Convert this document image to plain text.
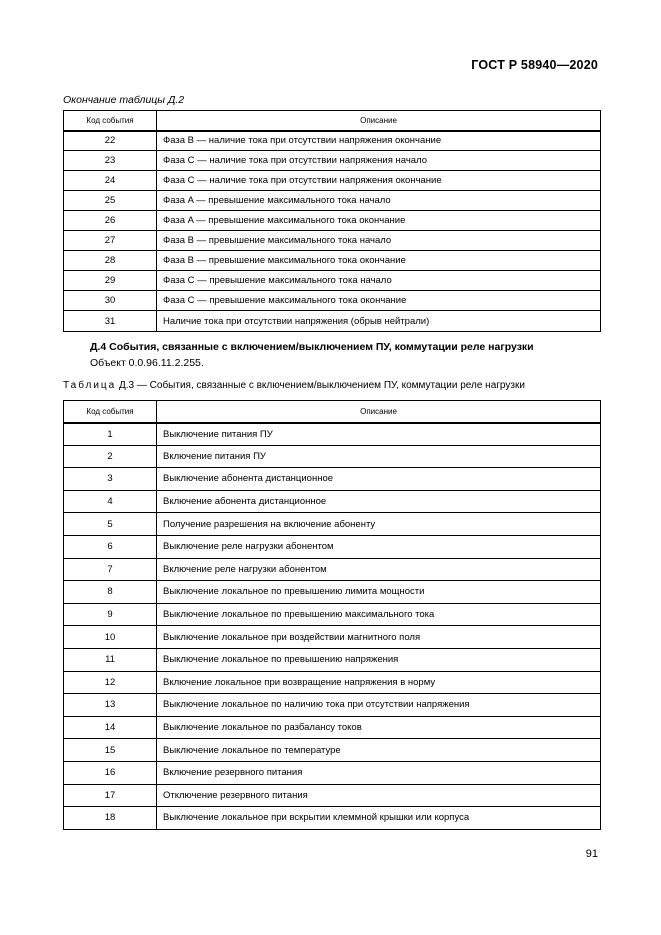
ГОСТ Р 58940—2020
Окончание таблицы Д.2
Код события	Описание
22	Фаза B — наличие тока при отсутствии напряжения окончание
23	Фаза C — наличие тока при отсутствии напряжения начало
24	Фаза C — наличие тока при отсутствии напряжения окончание
25	Фаза A — превышение максимального тока начало
26	Фаза A — превышение максимального тока окончание
27	Фаза B — превышение максимального тока начало
28	Фаза B — превышение максимального тока окончание
29	Фаза C — превышение максимального тока начало
30	Фаза C — превышение максимального тока окончание
31	Наличие тока при отсутствии напряжения (обрыв нейтрали)
Д.4 События, связанные с включением/выключением ПУ, коммутации реле нагрузки
Объект 0.0.96.11.2.255.
Таблица Д.3 — События, связанные с включением/выключением ПУ, коммутации реле нагрузки
Код события	Описание
1	Выключение питания ПУ
2	Включение питания ПУ
3	Выключение абонента дистанционное
4	Включение абонента дистанционное
5	Получение разрешения на включение абоненту
6	Выключение реле нагрузки абонентом
7	Включение реле нагрузки абонентом
8	Выключение локальное по превышению лимита мощности
9	Выключение локальное по превышению максимального тока
10	Выключение локальное при воздействии магнитного поля
11	Выключение локальное по превышению напряжения
12	Включение локальное при возвращение напряжения в норму
13	Выключение локальное по наличию тока при отсутствии напряжения
14	Выключение локальное по разбалансу токов
15	Выключение локальное по температуре
16	Включение резервного питания
17	Отключение резервного питания
18	Выключение локальное при вскрытии клеммной крышки или корпуса
91
